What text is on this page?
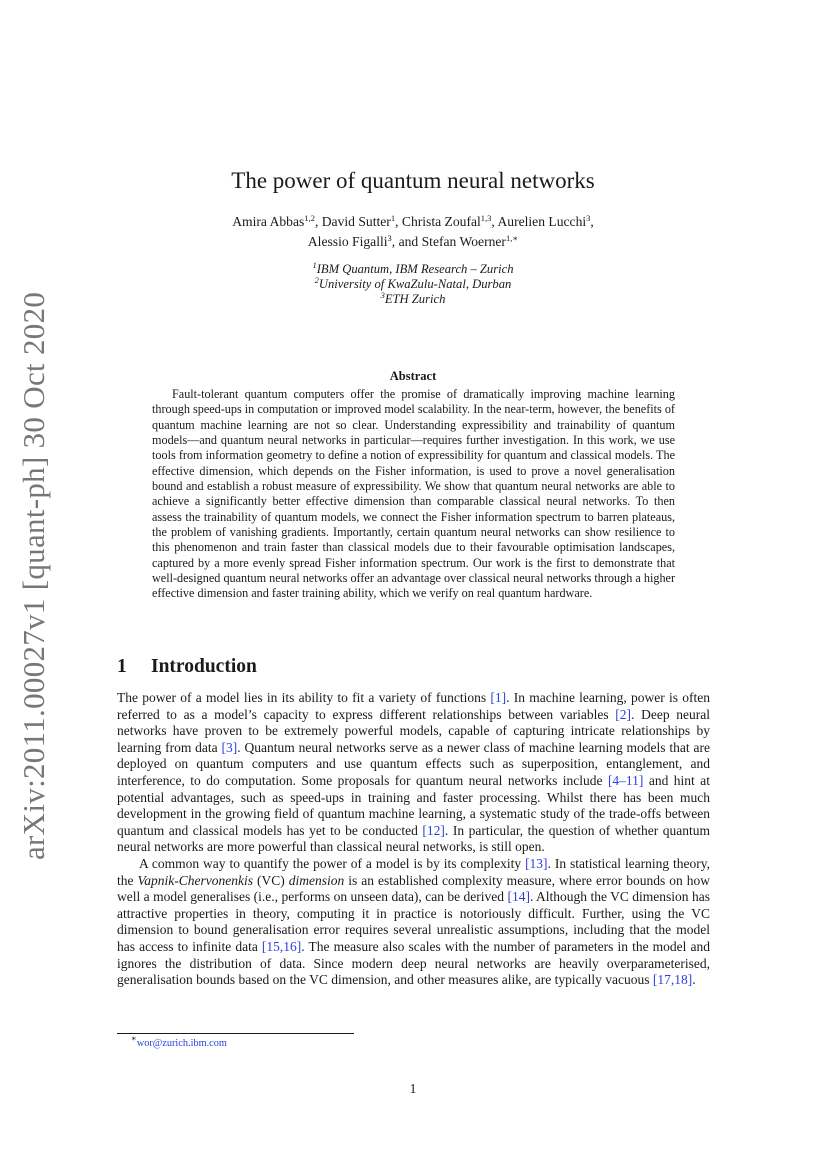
arXiv:2011.00027v1 [quant-ph] 30 Oct 2020
The power of quantum neural networks
Amira Abbas$^{1,2}$, David Sutter$^1$, Christa Zoufal$^{1,3}$, Aurelien Lucchi$^3$,
Alessio Figalli$^3$, and Stefan Woerner$^{1,∗}$
$^1$IBM Quantum, IBM Research – Zurich
$^2$University of KwaZulu-Natal, Durban
$^3$ETH Zurich
Abstract
Fault-tolerant quantum computers offer the promise of dramatically improving machine learning through speed-ups in computation or improved model scalability. In the near-term, however, the benefits of quantum machine learning are not so clear. Understanding expressibility and trainability of quantum models—and quantum neural networks in particular—requires further investigation. In this work, we use tools from information geometry to define a notion of expressibility for quantum and classical models. The effective dimension, which depends on the Fisher information, is used to prove a novel generalisation bound and establish a robust measure of expressibility. We show that quantum neural networks are able to achieve a significantly better effective dimension than comparable classical neural networks. To then assess the trainability of quantum models, we connect the Fisher information spectrum to barren plateaus, the problem of vanishing gradients. Importantly, certain quantum neural networks can show resilience to this phenomenon and train faster than classical models due to their favourable optimisation landscapes, captured by a more evenly spread Fisher information spectrum. Our work is the first to demonstrate that well-designed quantum neural networks offer an advantage over classical neural networks through a higher effective dimension and faster training ability, which we verify on real quantum hardware.
1 Introduction

The power of a model lies in its ability to fit a variety of functions [1]. In machine learning, power is often referred to as a model’s capacity to express different relationships between variables [2]. Deep neural networks have proven to be extremely powerful models, capable of capturing intricate relationships by learning from data [3]. Quantum neural networks serve as a newer class of machine learning models that are deployed on quantum computers and use quantum effects such as superposition, entanglement, and interference, to do computation. Some proposals for quantum neural networks include [4–11] and hint at potential advantages, such as speed-ups in training and faster processing. Whilst there has been much development in the growing field of quantum machine learning, a systematic study of the trade-offs between quantum and classical models has yet to be conducted [12]. In particular, the question of whether quantum neural networks are more powerful than classical neural networks, is still open.

A common way to quantify the power of a model is by its complexity [13]. In statistical learning theory, the Vapnik-Chervonenkis (VC) dimension is an established complexity measure, where error bounds on how well a model generalises (i.e., performs on unseen data), can be derived [14]. Although the VC dimension has attractive properties in theory, computing it in practice is notoriously difficult. Further, using the VC dimension to bound generalisation error requires several unrealistic assumptions, including that the model has access to infinite data [15,16]. The measure also scales with the number of parameters in the model and ignores the distribution of data. Since modern deep neural networks are heavily overparameterised, generalisation bounds based on the VC dimension, and other measures alike, are typically vacuous [17,18].

∗wor@zurich.ibm.com
1
